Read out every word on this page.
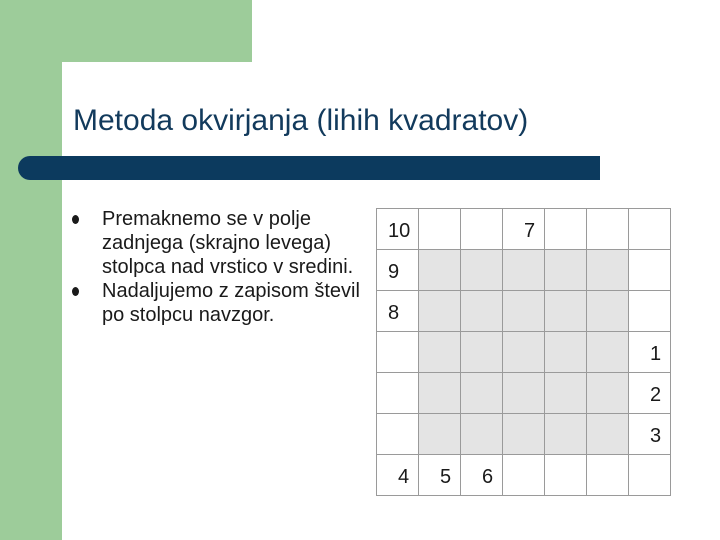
Metoda okvirjanja (lihih kvadratov)
Premaknemo se v polje zadnjega (skrajno levega) stolpca nad vrstico v sredini.
Nadaljujemo z zapisom števil po stolpcu navzgor.
10	7
9
8
1
2
3
4 5 6
